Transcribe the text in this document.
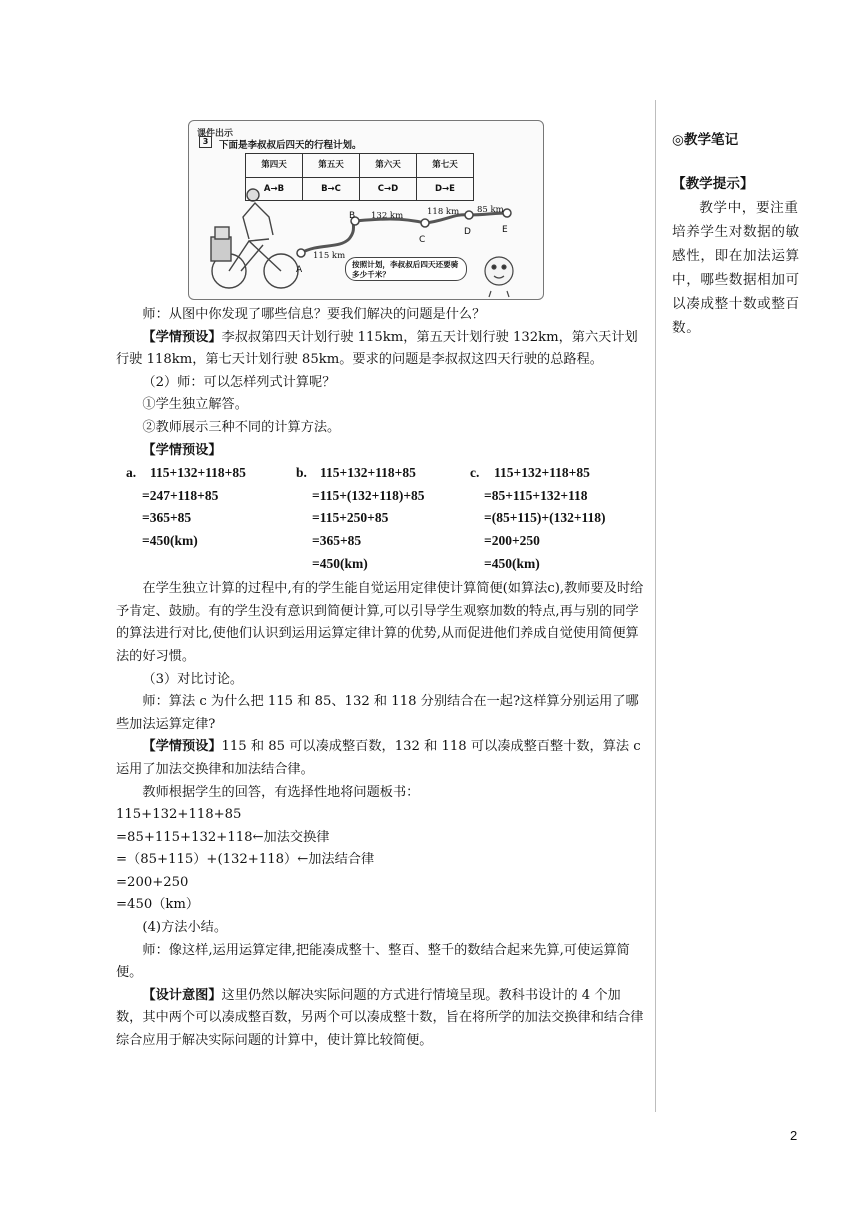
课件出示
3	下面是李叔叔后四天的行程计划。
第四天	第五天	第六天	第七天
A→B	B→C	C→D	D→E
A
B
C
D	E
115 km
132 km	118 km 85 km
按照计划，李叔叔后四天还要骑多少千米？

师：从图中你发现了哪些信息？要我们解决的问题是什么？

【学情预设】李叔叔第四天计划行驶 115km，第五天计划行驶 132km，第六天计划行驶 118km，第七天计划行驶 85km。要求的问题是李叔叔这四天行驶的总路程。

（2）师：可以怎样列式计算呢？

①学生独立解答。

②教师展示三种不同的计算方法。

【学情预设】

a.	115+132+118+85
=247+118+85
=365+85
=450(km)
b. 115+132+118+85
=115+(132+118)+85
=115+250+85
=365+85
=450(km)
c.	115+132+118+85
=85+115+132+118
=(85+115)+(132+118)
=200+250
=450(km)

在学生独立计算的过程中,有的学生能自觉运用定律使计算简便(如算法c),教师要及时给予肯定、鼓励。有的学生没有意识到简便计算,可以引导学生观察加数的特点,再与别的同学的算法进行对比,使他们认识到运用运算定律计算的优势,从而促进他们养成自觉使用简便算法的好习惯。

（3）对比讨论。

师：算法 c 为什么把 115 和 85、132 和 118 分别结合在一起?这样算分别运用了哪些加法运算定律?

【学情预设】115 和 85 可以凑成整百数，132 和 118 可以凑成整百整十数，算法 c 运用了加法交换律和加法结合律。

教师根据学生的回答，有选择性地将问题板书：

115+132+118+85

=85+115+132+118←加法交换律

=（85+115）+(132+118）←加法结合律

=200+250

=450（km）

(4)方法小结。

师：像这样,运用运算定律,把能凑成整十、整百、整千的数结合起来先算,可使运算简便。

【设计意图】这里仍然以解决实际问题的方式进行情境呈现。教科书设计的 4 个加数，其中两个可以凑成整百数，另两个可以凑成整十数，旨在将所学的加法交换律和结合律综合应用于解决实际问题的计算中，使计算比较简便。

◎教学笔记

【教学提示】

教学中，要注重培养学生对数据的敏感性，即在加法运算中，哪些数据相加可以凑成整十数或整百数。

2
